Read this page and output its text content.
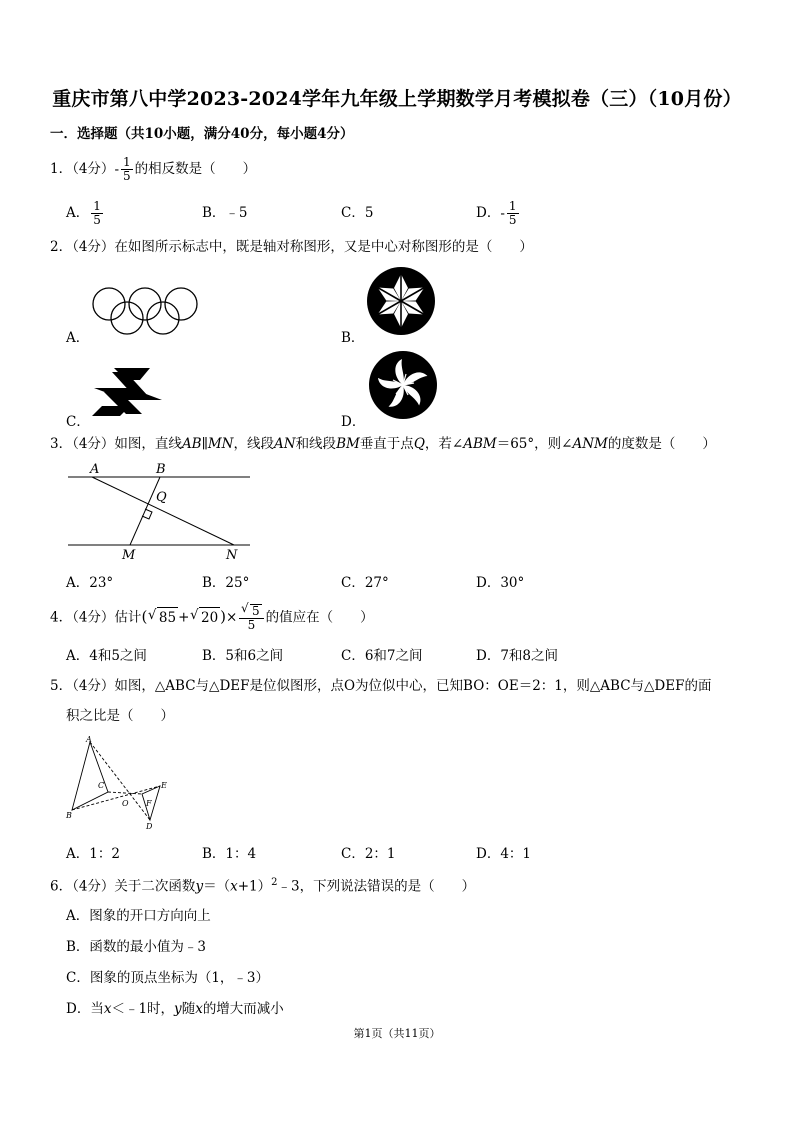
重庆市第八中学2023-2024学年九年级上学期数学月考模拟卷（三）（10月份）
一．选择题（共10小题，满分40分，每小题4分）
1．（4分）- $\frac{1}{5}$ 的相反数是（　　）
A． $\frac{1}{5}$	B．﹣5	C．5	D．- $\frac{1}{5}$
2．（4分）在如图所示标志中，既是轴对称图形，又是中心对称图形的是（　　）
A．	B．
C．	D．
3．（4分）如图，直线AB∥MN，线段AN和线段BM垂直于点Q，若∠ABM＝65°，则∠ANM的度数是（　　）
A	B
Q
M	N
A．23°	B．25°	C．27°	D．30°
4．（4分）估计( √ 85 + √ 20 )× √ $\frac{5}{5}$ 的值应在（　　）
A．4和5之间	B．5和6之间	C．6和7之间	D．7和8之间
5．（4分）如图，△ABC与△DEF是位似图形，点O为位似中心，已知BO：OE＝2：1，则△ABC与△DEF的面
积之比是（　　）
A
B
C
O
D
E
F
A．1：2	B．1：4	C．2：1	D．4：1
6．（4分）关于二次函数$y=(x+1)^2﹣3$，下列说法错误的是（　　）
A．图象的开口方向向上
B．函数的最小值为﹣3
C．图象的顶点坐标为（1，﹣3）
D．当x＜﹣1时，y随x的增大而减小
第1页（共11页）
